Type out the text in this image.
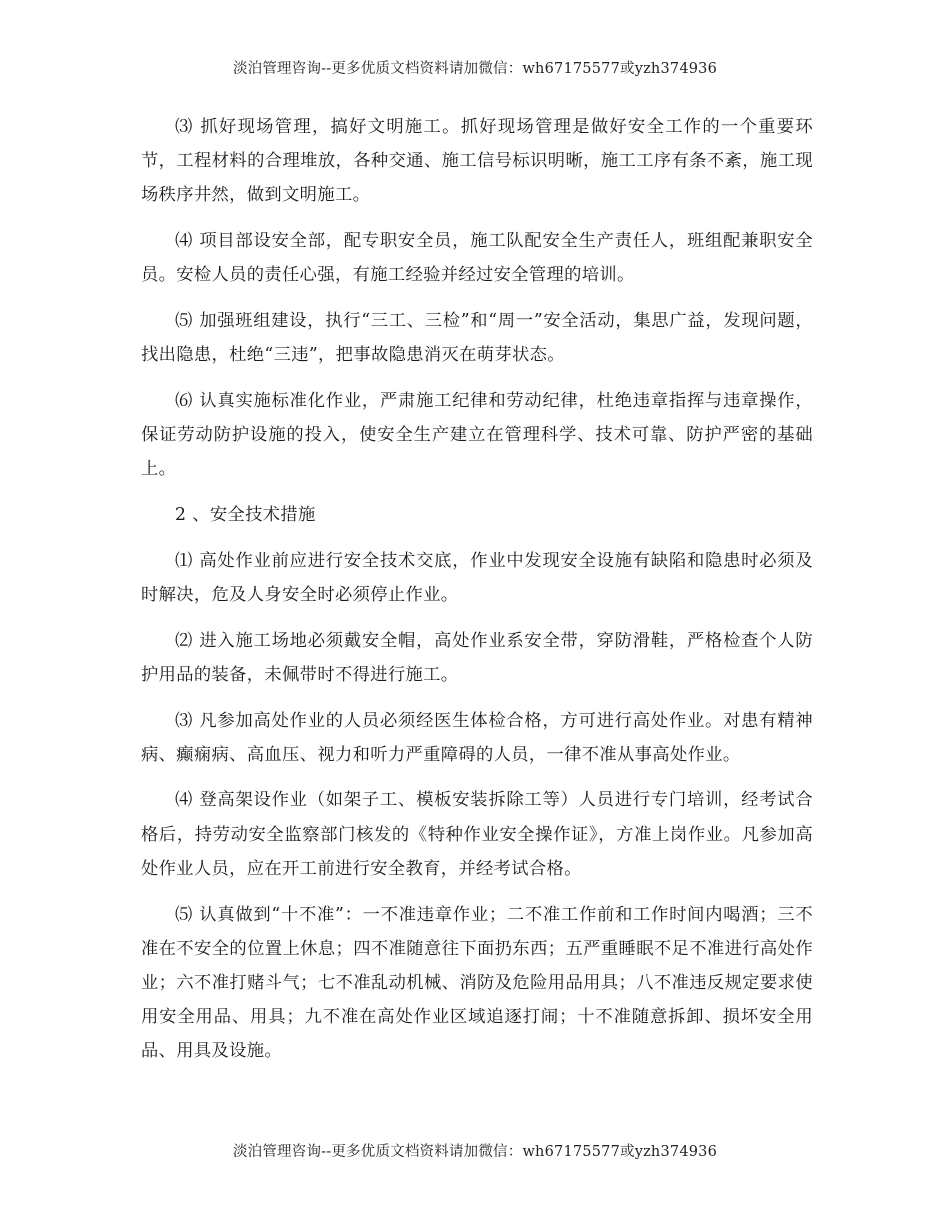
淡泊管理咨询--更多优质文档资料请加微信：wh67175577或yzh374936

⑶ 抓好现场管理，搞好文明施工。抓好现场管理是做好安全工作的一个重要环节，工程材料的合理堆放，各种交通、施工信号标识明晰，施工工序有条不紊，施工现场秩序井然，做到文明施工。

⑷ 项目部设安全部，配专职安全员，施工队配安全生产责任人，班组配兼职安全员。安检人员的责任心强，有施工经验并经过安全管理的培训。

⑸ 加强班组建设，执行“三工、三检”和“周一”安全活动，集思广益，发现问题，找出隐患，杜绝“三违”，把事故隐患消灭在萌芽状态。

⑹ 认真实施标准化作业，严肃施工纪律和劳动纪律，杜绝违章指挥与违章操作，保证劳动防护设施的投入，使安全生产建立在管理科学、技术可靠、防护严密的基础上。

2 、安全技术措施

⑴ 高处作业前应进行安全技术交底，作业中发现安全设施有缺陷和隐患时必须及时解决，危及人身安全时必须停止作业。

⑵ 进入施工场地必须戴安全帽，高处作业系安全带，穿防滑鞋，严格检查个人防护用品的装备，未佩带时不得进行施工。

⑶ 凡参加高处作业的人员必须经医生体检合格，方可进行高处作业。对患有精神病、癫痫病、高血压、视力和听力严重障碍的人员，一律不准从事高处作业。

⑷ 登高架设作业（如架子工、模板安装拆除工等）人员进行专门培训，经考试合格后，持劳动安全监察部门核发的《特种作业安全操作证》，方准上岗作业。凡参加高处作业人员，应在开工前进行安全教育，并经考试合格。

⑸ 认真做到“十不准”：一不准违章作业；二不准工作前和工作时间内喝酒；三不准在不安全的位置上休息；四不准随意往下面扔东西；五严重睡眠不足不准进行高处作业；六不准打赌斗气；七不准乱动机械、消防及危险用品用具；八不准违反规定要求使用安全用品、用具；九不准在高处作业区域追逐打闹；十不准随意拆卸、损坏安全用品、用具及设施。

淡泊管理咨询--更多优质文档资料请加微信：wh67175577或yzh374936
